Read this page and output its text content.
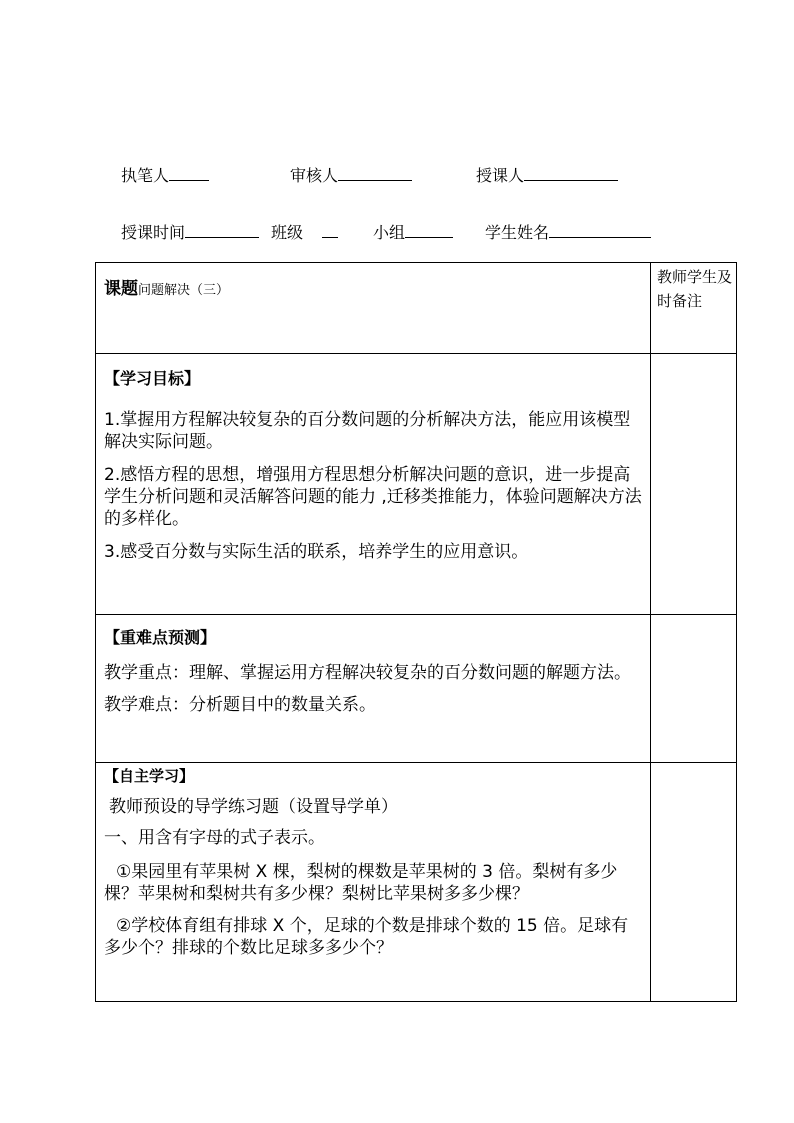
执笔人	审核人	授课人
授课时间	班级	小组	学生姓名
课题问题解决（三）	教师学生及时备注

【学习目标】
1.掌握用方程解决较复杂的百分数问题的分析解决方法，能应用该模型解决实际问题。
2.感悟方程的思想，增强用方程思想分析解决问题的意识，进一步提高学生分析问题和灵活解答问题的能力 ,迁移类推能力，体验问题解决方法的多样化。
3.感受百分数与实际生活的联系，培养学生的应用意识。	

【重难点预测】
教学重点：理解、掌握运用方程解决较复杂的百分数问题的解题方法。
教学难点：分析题目中的数量关系。	

【自主学习】
教师预设的导学练习题（设置导学单）
一、用含有字母的式子表示。
①果园里有苹果树 X 棵，梨树的棵数是苹果树的 3 倍。梨树有多少棵？苹果树和梨树共有多少棵？梨树比苹果树多多少棵？
②学校体育组有排球 X 个，足球的个数是排球个数的 15 倍。足球有多少个？排球的个数比足球多多少个？	
